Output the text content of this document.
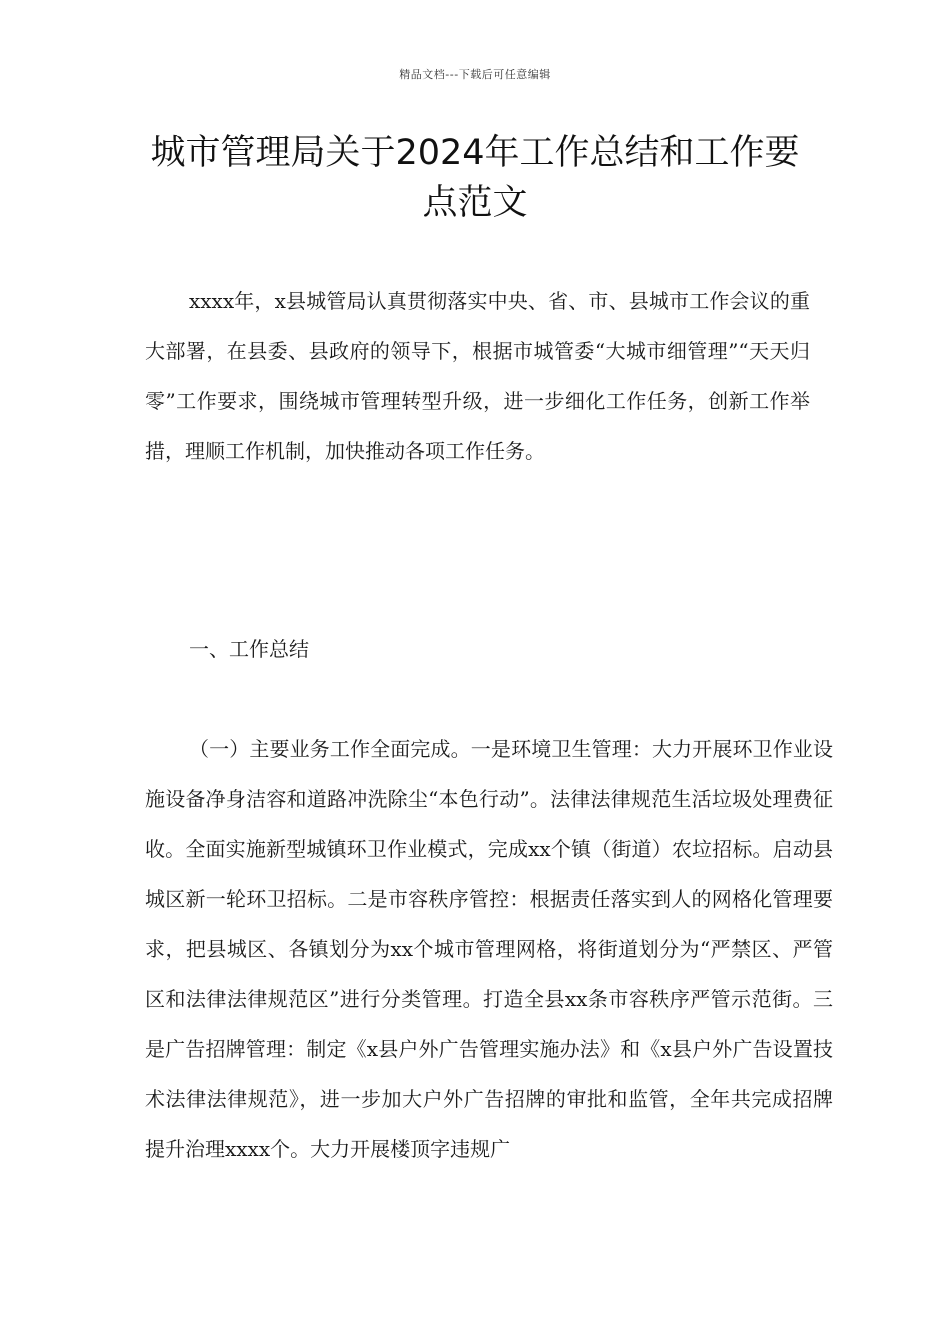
精品文档---下载后可任意编辑
城市管理局关于2024年工作总结和工作要点范文

xxxx年，x县城管局认真贯彻落实中央、省、市、县城市工作会议的重大部署，在县委、县政府的领导下，根据市城管委“大城市细管理”“天天归零”工作要求，围绕城市管理转型升级，进一步细化工作任务，创新工作举措，理顺工作机制，加快推动各项工作任务。

一、工作总结

（一）主要业务工作全面完成。一是环境卫生管理：大力开展环卫作业设施设备净身洁容和道路冲洗除尘“本色行动”。法律法律规范生活垃圾处理费征收。全面实施新型城镇环卫作业模式，完成xx个镇（街道）农垃招标。启动县城区新一轮环卫招标。二是市容秩序管控：根据责任落实到人的网格化管理要求，把县城区、各镇划分为xx个城市管理网格，将街道划分为“严禁区、严管区和法律法律规范区”进行分类管理。打造全县xx条市容秩序严管示范街。三是广告招牌管理：制定《x县户外广告管理实施办法》和《x县户外广告设置技术法律法律规范》，进一步加大户外广告招牌的审批和监管，全年共完成招牌提升治理xxxx个。大力开展楼顶字违规广
